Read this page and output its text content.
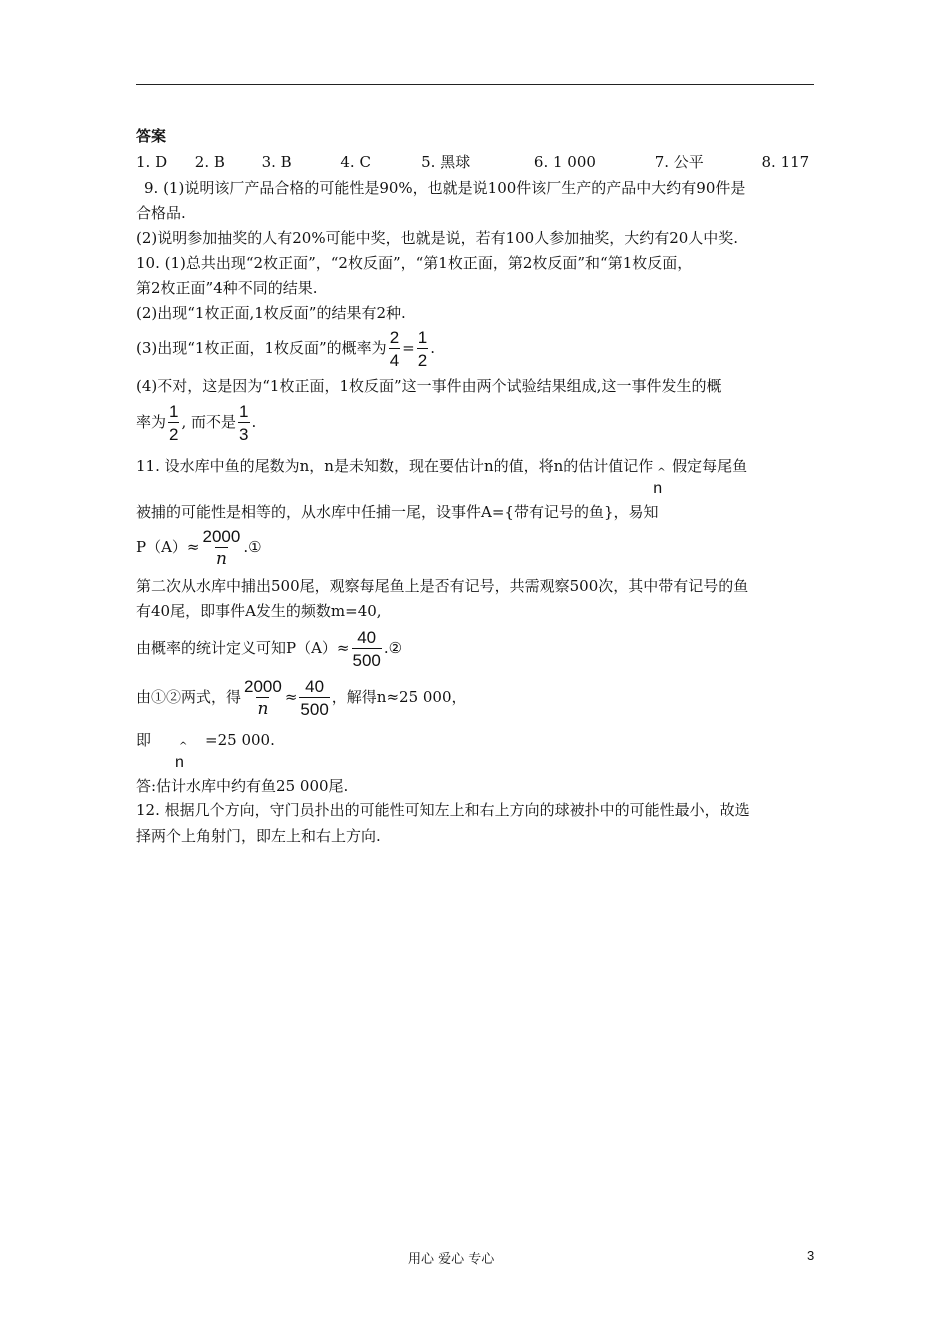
答案
1. D 2. B 3. B	4. C	5. 黑球	6. 1 000	7. 公平	8. 117
9. (1)说明该厂产品合格的可能性是90%，也就是说100件该厂生产的产品中大约有90件是
合格品.
(2)说明参加抽奖的人有20%可能中奖，也就是说，若有100人参加抽奖，大约有20人中奖.
10. (1)总共出现“2枚正面”，“2枚反面”，“第1枚正面，第2枚反面”和“第1枚反面，
第2枚正面”4种不同的结果.
(2)出现“1枚正面,1枚反面”的结果有2种.
(3)出现“1枚正面，1枚反面”的概率为 $\frac{2}{4} = \frac{1}{2}$ .
(4)不对，这是因为“1枚正面，1枚反面”这一事件由两个试验结果组成,这一事件发生的概
率为 $\frac{1}{2}$ , 而不是 $\frac{1}{3}$ .
11. 设水库中鱼的尾数为n，n是未知数，现在要估计n的值，将n的估计值记作 ^
n
假定每尾鱼
被捕的可能性是相等的，从水库中任捕一尾，设事件A={带有记号的鱼}，易知
$P(A)\approx \frac{2000}{n}$ .①
第二次从水库中捕出500尾，观察每尾鱼上是否有记号，共需观察500次，其中带有记号的鱼
有40尾，即事件A发生的频数m=40,
由概率的统计定义可知$P(A)\approx \frac{40}{500}$ .②
由①②两式，得 $\frac{2000}{n} \approx \frac{40}{500}$ ，解得n≈25 000，
即	^
n
=25 000.
答:估计水库中约有鱼25 000尾.
12. 根据几个方向，守门员扑出的可能性可知左上和右上方向的球被扑中的可能性最小，故选
择两个上角射门，即左上和右上方向.
用心 爱心 专心	3
